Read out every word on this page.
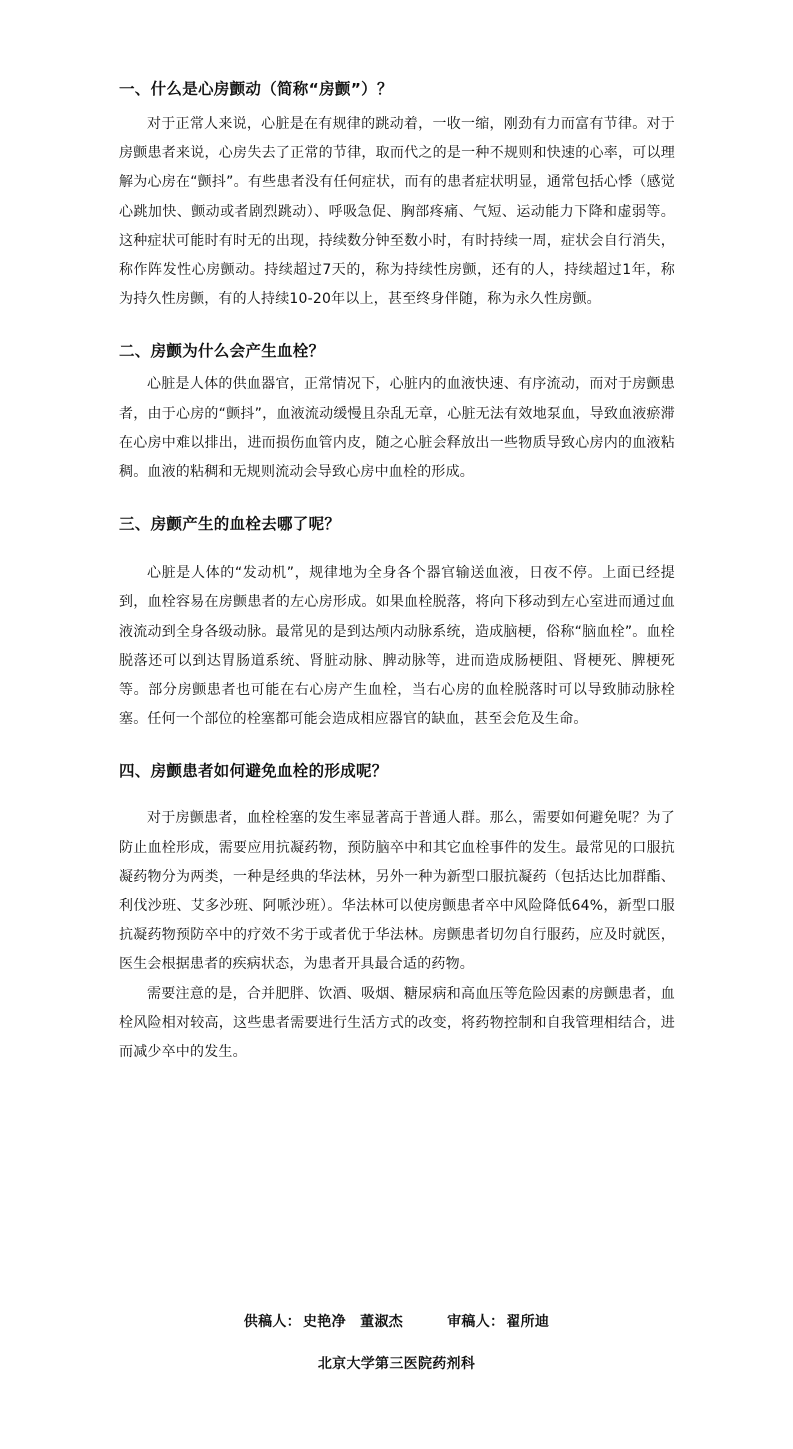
一、什么是心房颤动（简称“房颤”）？

对于正常人来说，心脏是在有规律的跳动着，一收一缩，刚劲有力而富有节律。对于房颤患者来说，心房失去了正常的节律，取而代之的是一种不规则和快速的心率，可以理解为心房在“颤抖”。有些患者没有任何症状，而有的患者症状明显，通常包括心悸（感觉心跳加快、颤动或者剧烈跳动）、呼吸急促、胸部疼痛、气短、运动能力下降和虚弱等。这种症状可能时有时无的出现，持续数分钟至数小时，有时持续一周，症状会自行消失，称作阵发性心房颤动。持续超过7天的，称为持续性房颤，还有的人，持续超过1年，称为持久性房颤，有的人持续10-20年以上，甚至终身伴随，称为永久性房颤。

二、房颤为什么会产生血栓？

心脏是人体的供血器官，正常情况下，心脏内的血液快速、有序流动，而对于房颤患者，由于心房的“颤抖”，血液流动缓慢且杂乱无章，心脏无法有效地泵血，导致血液瘀滞在心房中难以排出，进而损伤血管内皮，随之心脏会释放出一些物质导致心房内的血液粘稠。血液的粘稠和无规则流动会导致心房中血栓的形成。

三、房颤产生的血栓去哪了呢？

心脏是人体的“发动机”，规律地为全身各个器官输送血液，日夜不停。上面已经提到，血栓容易在房颤患者的左心房形成。如果血栓脱落，将向下移动到左心室进而通过血液流动到全身各级动脉。最常见的是到达颅内动脉系统，造成脑梗，俗称“脑血栓”。血栓脱落还可以到达胃肠道系统、肾脏动脉、脾动脉等，进而造成肠梗阻、肾梗死、脾梗死等。部分房颤患者也可能在右心房产生血栓，当右心房的血栓脱落时可以导致肺动脉栓塞。任何一个部位的栓塞都可能会造成相应器官的缺血，甚至会危及生命。

四、房颤患者如何避免血栓的形成呢？

对于房颤患者，血栓栓塞的发生率显著高于普通人群。那么，需要如何避免呢？为了防止血栓形成，需要应用抗凝药物，预防脑卒中和其它血栓事件的发生。最常见的口服抗凝药物分为两类，一种是经典的华法林，另外一种为新型口服抗凝药（包括达比加群酯、利伐沙班、艾多沙班、阿哌沙班）。华法林可以使房颤患者卒中风险降低64%，新型口服抗凝药物预防卒中的疗效不劣于或者优于华法林。房颤患者切勿自行服药，应及时就医，医生会根据患者的疾病状态，为患者开具最合适的药物。

需要注意的是，合并肥胖、饮酒、吸烟、糖尿病和高血压等危险因素的房颤患者，血栓风险相对较高，这些患者需要进行生活方式的改变，将药物控制和自我管理相结合，进而减少卒中的发生。

供稿人： 史艳净　董淑杰	审稿人： 翟所迪
北京大学第三医院药剂科
